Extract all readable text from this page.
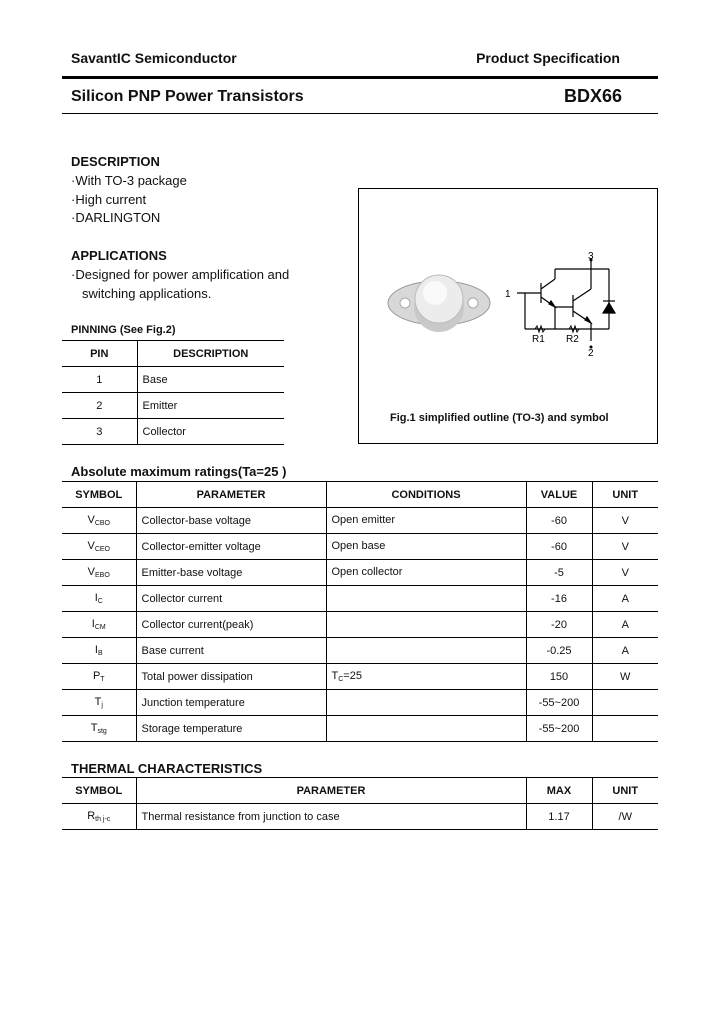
SavantIC Semiconductor	Product Specification
Silicon PNP Power Transistors	BDX66
DESCRIPTION
·With TO-3 package
·High current
·DARLINGTON
APPLICATIONS
·Designed for power amplification and
switching applications.
PINNING (See Fig.2)
PIN	DESCRIPTION
1	Base
2	Emitter
3	Collector
3
1
2
R1 R2
Fig.1 simplified outline (TO-3) and symbol
Absolute maximum ratings(Ta=25 )
SYMBOL	PARAMETER	CONDITIONS	VALUE	UNIT
$V_{CBO}$	Collector-base voltage	Open emitter	-60	V
$V_{CEO}$	Collector-emitter voltage	Open base	-60	V
$V_{EBO}$	Emitter-base voltage	Open collector	-5	V
$I_C$	Collector current		-16	A
$I_{CM}$	Collector current(peak)		-20	A
$I_B$	Base current		-0.25	A
$P_T$	Total power dissipation	$T_C=25$	150	W
$T_j$	Junction temperature		-55~200	
$T_{stg}$	Storage temperature		-55~200	
THERMAL CHARACTERISTICS
SYMBOL	PARAMETER	MAX	UNIT
$R_{th j-c}$	Thermal resistance from junction to case	1.17	/W
